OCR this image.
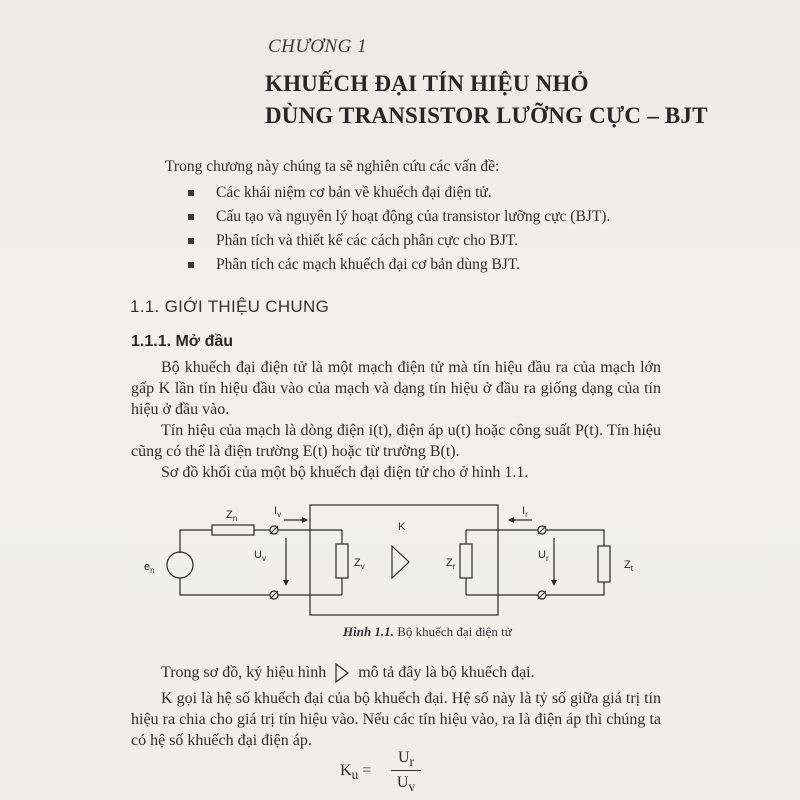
CHƯƠNG 1
KHUẾCH ĐẠI TÍN HIỆU NHỎ
DÙNG TRANSISTOR LƯỠNG CỰC – BJT
Trong chương này chúng ta sẽ nghiên cứu các vấn đề:
Các khái niệm cơ bản về khuếch đại điện tử.
Cấu tạo và nguyên lý hoạt động của transistor lưỡng cực (BJT).
Phân tích và thiết kế các cách phân cực cho BJT.
Phân tích các mạch khuếch đại cơ bản dùng BJT.
1.1. GIỚI THIỆU CHUNG
1.1.1. Mở đầu
Bộ khuếch đại điện tử là một mạch điện tử mà tín hiệu đầu ra của mạch lớn gấp K lần tín hiệu đầu vào của mạch và dạng tín hiệu ở đầu ra giống dạng của tín hiệu ở đầu vào.
Tín hiệu của mạch là dòng điện i(t), điện áp u(t) hoặc công suất P(t). Tín hiệu cũng có thể là điện trường E(t) hoặc từ trường B(t).
Sơ đồ khối của một bộ khuếch đại điện tử cho ở hình 1.1.
$e_n$
$Z_n$
$I_v$
$U_v$	$Z_v$
K
$Z_r$
$I_r$
$U_r$
$Z_t$
Hình 1.1. Bộ khuếch đại điện tử
Trong sơ đồ, ký hiệu hình mô tả đây là bộ khuếch đại.
K gọi là hệ số khuếch đại của bộ khuếch đại. Hệ số này là tỷ số giữa giá trị tín hiệu ra chia cho giá trị tín hiệu vào. Nếu các tín hiệu vào, ra là điện áp thì chúng ta có hệ số khuếch đại điện áp.
$K_u$ =
$U_r$
$U_v$
